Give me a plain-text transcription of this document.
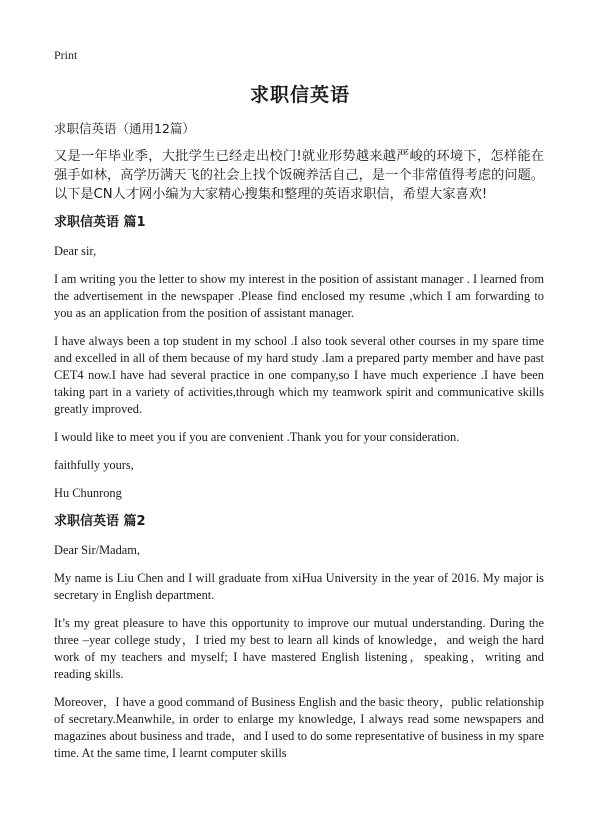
Print
求职信英语

求职信英语（通用12篇）

又是一年毕业季，大批学生已经走出校门!就业形势越来越严峻的环境下，怎样能在强手如林，高学历满天飞的社会上找个饭碗养活自己，是一个非常值得考虑的问题。以下是CN人才网小编为大家精心搜集和整理的英语求职信，希望大家喜欢!

求职信英语 篇1

Dear sir,

I am writing you the letter to show my interest in the position of assistant manager . I learned from the advertisement in the newspaper .Please find enclosed my resume ,which I am forwarding to you as an application from the position of assistant manager.

I have always been a top student in my school .I also took several other courses in my spare time and excelled in all of them because of my hard study .Iam a prepared party member and have past CET4 now.I have had several practice in one company,so I have much experience .I have been taking part in a variety of activities,through which my teamwork spirit and communicative skills greatly improved.

I would like to meet you if you are convenient .Thank you for your consideration.

faithfully yours,

Hu Chunrong

求职信英语 篇2

Dear Sir/Madam,

My name is Liu Chen and I will graduate from xiHua University in the year of 2016. My major is secretary in English department.

It’s my great pleasure to have this opportunity to improve our mutual understanding. During the three –year college study，I tried my best to learn all kinds of knowledge，and weigh the hard work of my teachers and myself; I have mastered English listening，speaking，writing and reading skills.

Moreover，I have a good command of Business English and the basic theory，public relationship of secretary.Meanwhile, in order to enlarge my knowledge, I always read some newspapers and magazines about business and trade，and I used to do some representative of business in my spare time. At the same time, I learnt computer skills
